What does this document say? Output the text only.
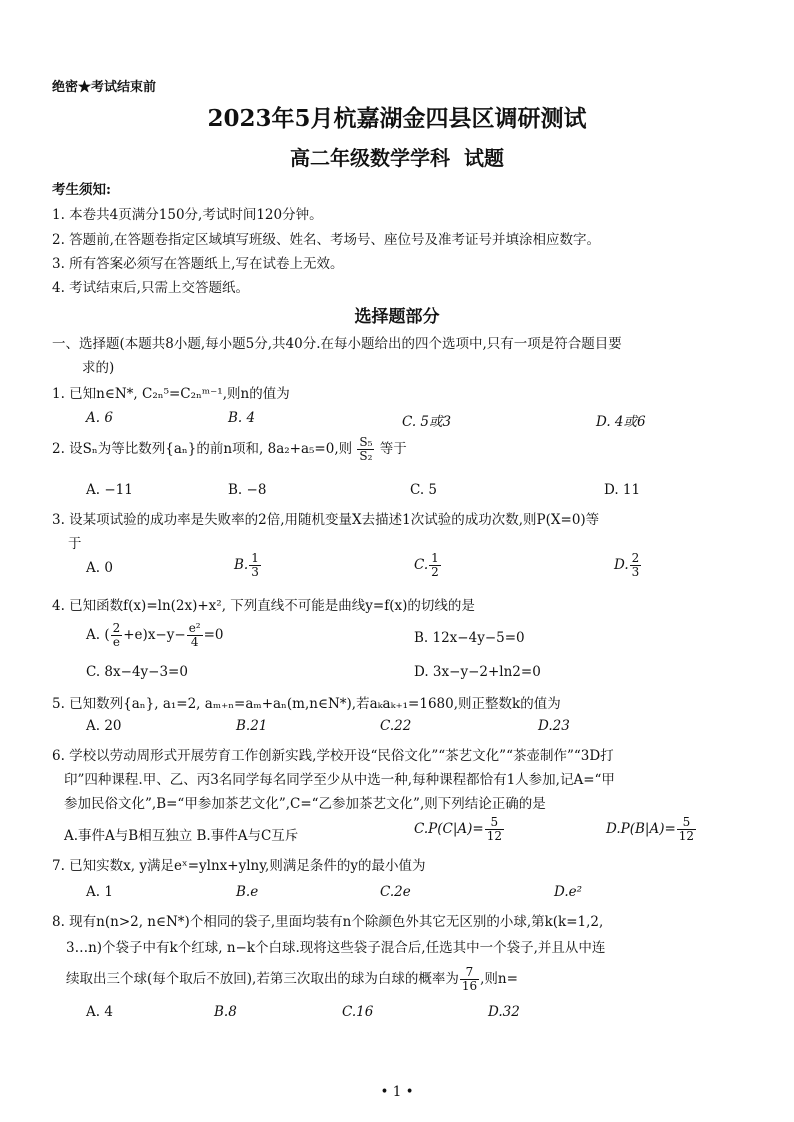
绝密★考试结束前
2023年5月杭嘉湖金四县区调研测试
高二年级数学学科  试题
考生须知:
1. 本卷共4页满分150分,考试时间120分钟。
2. 答题前,在答题卷指定区域填写班级、姓名、考场号、座位号及准考证号并填涂相应数字。
3. 所有答案必须写在答题纸上,写在试卷上无效。
4. 考试结束后,只需上交答题纸。
选择题部分
一、选择题(本题共8小题,每小题5分,共40分.在每小题给出的四个选项中,只有一项是符合题目要
求的)
1. 已知n∈N*, C₂ₙ⁵=C₂ₙᵐ⁻¹,则n的值为
A. 6	B. 4	C. 5或3	D. 4或6
2. 设Sₙ为等比数列{aₙ}的前n项和, 8a₂+a₅=0,则 $\frac{\text{S₅}}{\text{S₂}}$ 等于
A. −11	B. −8	C. 5	D. 11
3. 设某项试验的成功率是失败率的2倍,用随机变量X去描述1次试验的成功次数,则P(X=0)等
于
A. 0	B. $\frac{1}{3}$	C. $\frac{1}{2}$	D. $\frac{2}{3}$
4. 已知函数f(x)=ln(2x)+x², 下列直线不可能是曲线y=f(x)的切线的是
A. ( $\frac{2}{e} +e)x-y- \frac{\text{e²}}{4} =0$	B. 12x−4y−5=0
C. 8x−4y−3=0	D. 3x−y−2+ln2=0
5. 已知数列{aₙ}, a₁=2, aₘ₊ₙ=aₘ+aₙ(m,n∈N*),若aₖaₖ₊₁=1680,则正整数k的值为
A. 20	B.21	C.22	D.23
6. 学校以劳动周形式开展劳育工作创新实践,学校开设“民俗文化”“茶艺文化”“茶壶制作”“3D打
印”四种课程.甲、乙、丙3名同学每名同学至少从中选一种,每种课程都恰有1人参加,记A=“甲
参加民俗文化”,B=“甲参加茶艺文化”,C=“乙参加茶艺文化”,则下列结论正确的是
A.事件A与B相互独立 B.事件A与C互斥	$C.P(C|A)= \frac{5}{12}$	$D.P(B|A)= \frac{5}{12}$
7. 已知实数x, y满足eˣ=ylnx+ylny,则满足条件的y的最小值为
A. 1	B.e	C.2e	D.e²
8. 现有n(n>2, n∈N*)个相同的袋子,里面均装有n个除颜色外其它无区别的小球,第k(k=1,2,
3…n)个袋子中有k个红球, n−k个白球.现将这些袋子混合后,任选其中一个袋子,并且从中连
续取出三个球(每个取后不放回),若第三次取出的球为白球的概率为 $\frac{7}{16}$ ,则n=
A. 4	B.8	C.16	D.32
• 1 •
